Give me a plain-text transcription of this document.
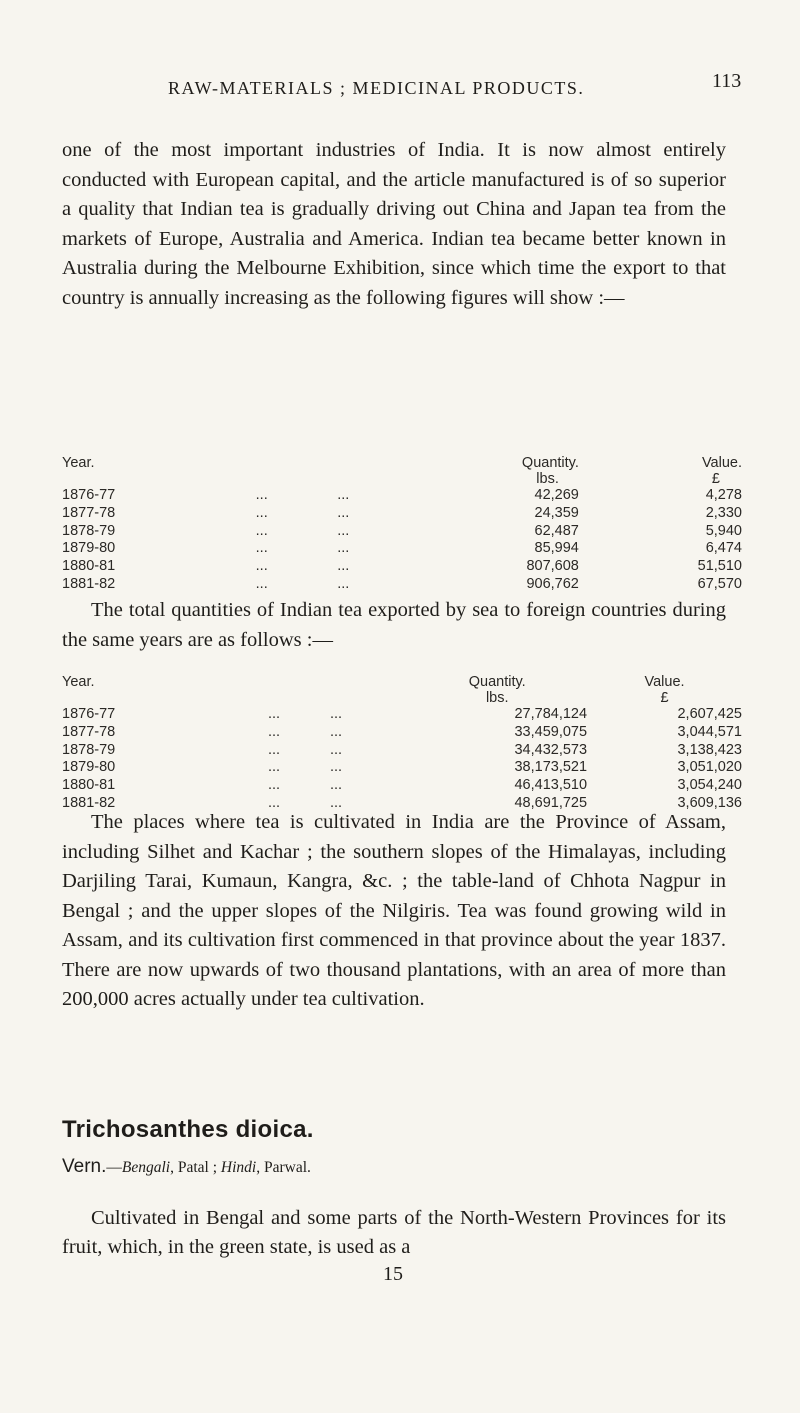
RAW-MATERIALS ; MEDICINAL PRODUCTS.	113

one of the most important industries of India. It is now almost entirely conducted with European capital, and the article manufactured is of so superior a quality that Indian tea is gradually driving out China and Japan tea from the markets of Europe, Australia and America. Indian tea became better known in Australia during the Melbourne Exhibition, since which time the export to that country is annually increasing as the following figures will show :—

Year.			Quantity.	Value.
			lbs.	£
1876-77	...	...	42,269	4,278
1877-78	...	...	24,359	2,330
1878-79	...	...	62,487	5,940
1879-80	...	...	85,994	6,474
1880-81	...	...	807,608	51,510
1881-82	...	...	906,762	67,570

The total quantities of Indian tea exported by sea to foreign countries during the same years are as follows :—

Year.			Quantity.	Value.
			lbs.	£
1876-77	...	...	27,784,124	2,607,425
1877-78	...	...	33,459,075	3,044,571
1878-79	...	...	34,432,573	3,138,423
1879-80	...	...	38,173,521	3,051,020
1880-81	...	...	46,413,510	3,054,240
1881-82	...	...	48,691,725	3,609,136

The places where tea is cultivated in India are the Province of Assam, including Silhet and Kachar ; the southern slopes of the Himalayas, including Darjiling Tarai, Kumaun, Kangra, &c. ; the table-land of Chhota Nagpur in Bengal ; and the upper slopes of the Nilgiris. Tea was found growing wild in Assam, and its cultivation first commenced in that province about the year 1837. There are now upwards of two thousand plantations, with an area of more than 200,000 acres actually under tea cultivation.

Trichosanthes dioica.
Vern.—Bengali, Patal ; Hindi, Parwal.

Cultivated in Bengal and some parts of the North-Western Provinces for its fruit, which, in the green state, is used as a

15
